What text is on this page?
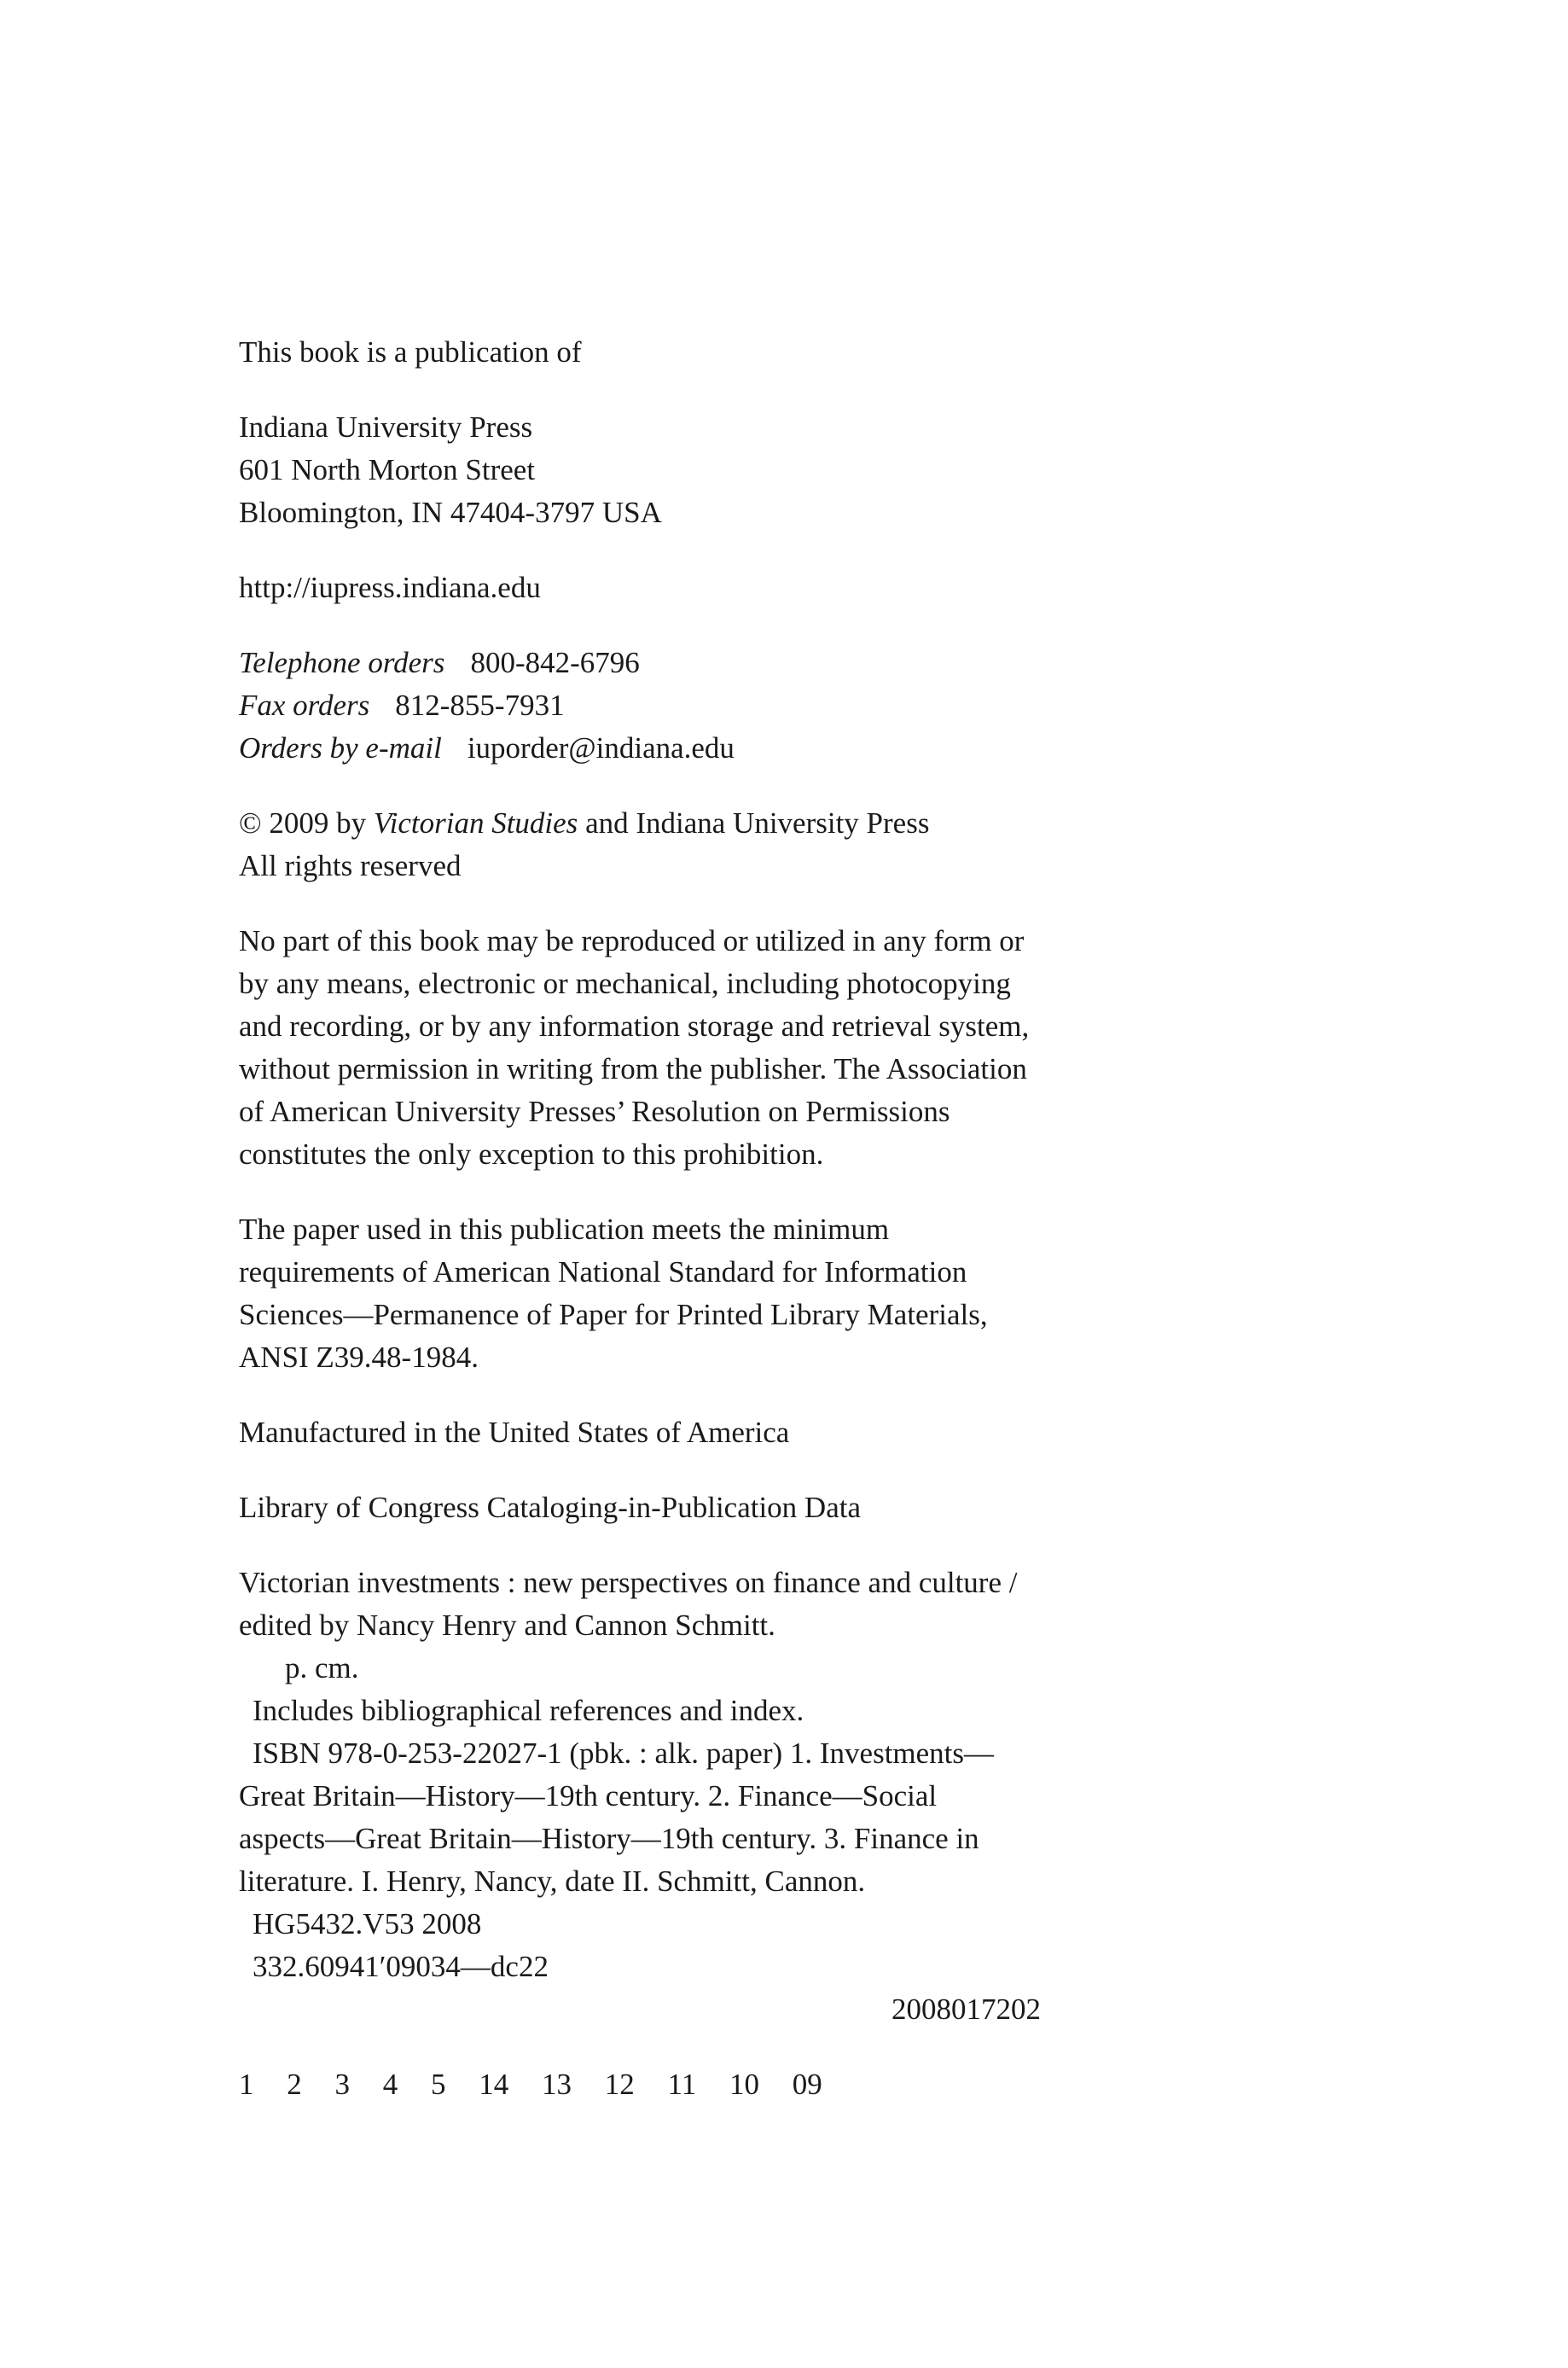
This book is a publication of

Indiana University Press
601 North Morton Street
Bloomington, IN 47404-3797 USA

http://iupress.indiana.edu

Telephone orders 800-842-6796
Fax orders 812-855-7931
Orders by e-mail iuporder@indiana.edu

© 2009 by Victorian Studies and Indiana University Press
All rights reserved

No part of this book may be reproduced or utilized in any form or
by any means, electronic or mechanical, including photocopying
and recording, or by any information storage and retrieval system,
without permission in writing from the publisher. The Association
of American University Presses’ Resolution on Permissions
constitutes the only exception to this prohibition.

The paper used in this publication meets the minimum
requirements of American National Standard for Information
Sciences—Permanence of Paper for Printed Library Materials,
ANSI Z39.48-1984.

Manufactured in the United States of America

Library of Congress Cataloging-in-Publication Data

Victorian investments : new perspectives on finance and culture /
edited by Nancy Henry and Cannon Schmitt.
p. cm.
Includes bibliographical references and index.
ISBN 978-0-253-22027-1 (pbk. : alk. paper) 1. Investments—
Great Britain—History—19th century. 2. Finance—Social
aspects—Great Britain—History—19th century. 3. Finance in
literature. I. Henry, Nancy, date II. Schmitt, Cannon.
HG5432.V53 2008
332.60941′09034—dc22
2008017202

1 2 3 4 5 14 13 12 11 10 09
